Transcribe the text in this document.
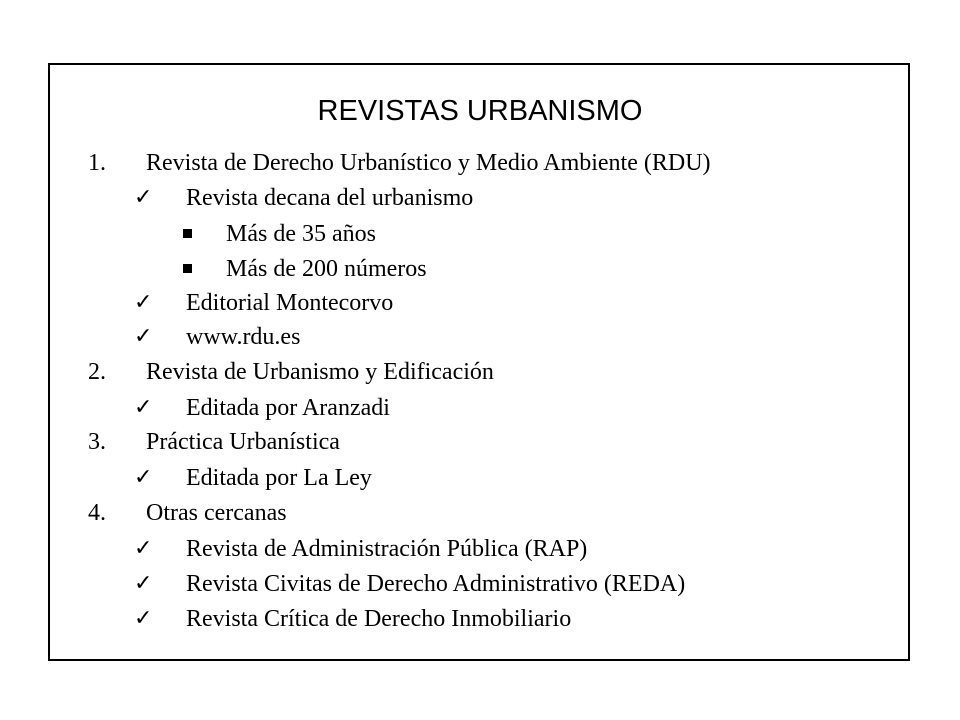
REVISTAS URBANISMO
1. Revista de Derecho Urbanístico y Medio Ambiente (RDU)
✓ Revista decana del urbanismo
Más de 35 años
Más de 200 números
✓ Editorial Montecorvo
✓ www.rdu.es
2. Revista de Urbanismo y Edificación
✓ Editada por Aranzadi
3. Práctica Urbanística
✓ Editada por La Ley
4. Otras cercanas
✓ Revista de Administración Pública (RAP)
✓ Revista Civitas de Derecho Administrativo (REDA)
✓ Revista Crítica de Derecho Inmobiliario
